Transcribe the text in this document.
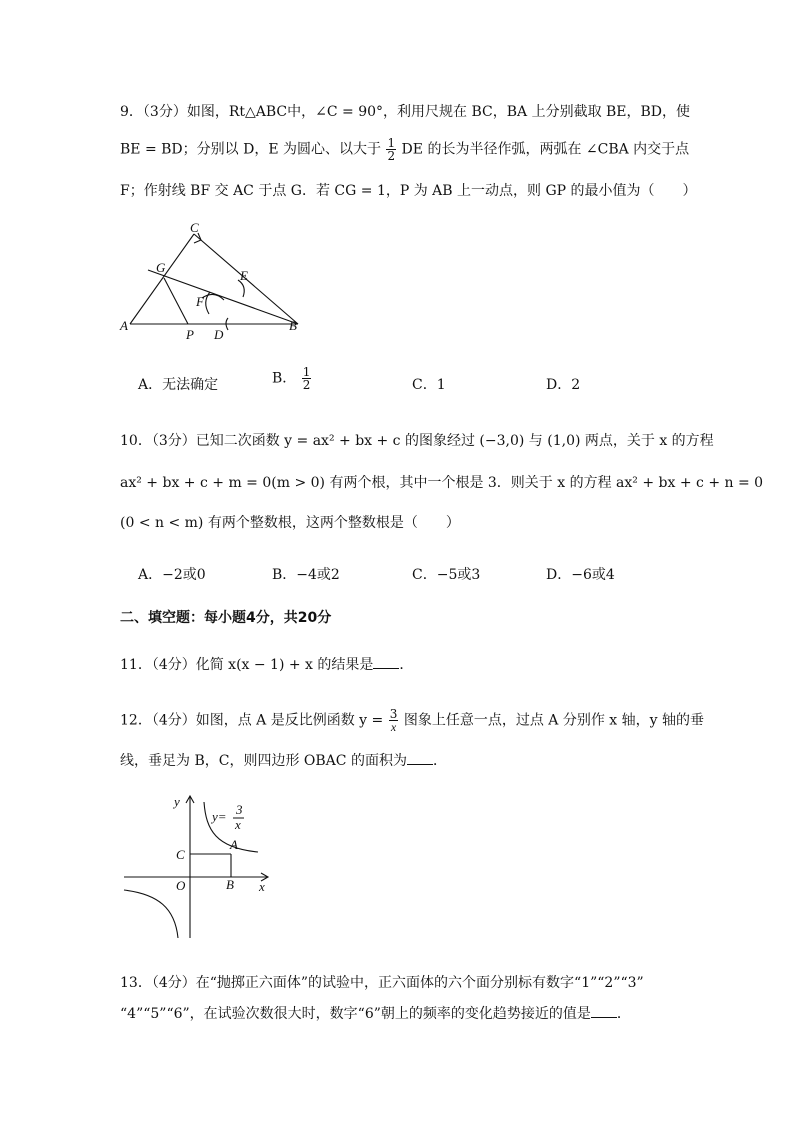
9．（3分）如图，Rt△ABC中，∠C = 90°，利用尺规在 BC，BA 上分别截取 BE，BD，使
BE = BD；分别以 D，E 为圆心、以大于 $\frac{1}{2}$ DE 的长为半径作弧，两弧在 ∠CBA 内交于点
F；作射线 BF 交 AC 于点 G．若 CG = 1，P 为 AB 上一动点，则 GP 的最小值为（　　）
C
G
E
F
A
P D
B
A．无法确定	B． $\frac{1}{2}$	C．1	D．2
10．（3分）已知二次函数 y = ax² + bx + c 的图象经过 (−3,0) 与 (1,0) 两点，关于 x 的方程
ax² + bx + c + m = 0(m > 0) 有两个根，其中一个根是 3．则关于 x 的方程 ax² + bx + c + n = 0
(0 < n < m) 有两个整数根，这两个整数根是（　　）
A．−2或0	B．−4或2	C．−5或3	D．−6或4
二、填空题：每小题4分，共20分
11．（4分）化简 x(x − 1) + x 的结果是 ．
12．（4分）如图，点 A 是反比例函数 $y = \frac{3}{x}$ 图象上任意一点，过点 A 分别作 x 轴，y 轴的垂
线，垂足为 B，C，则四边形 OBAC 的面积为 ．
y
x
C
O
A
B
y= 3
x
13．（4分）在“抛掷正六面体”的试验中，正六面体的六个面分别标有数字“1”“2”“3”
“4”“5”“6”，在试验次数很大时，数字“6”朝上的频率的变化趋势接近的值是 ．
